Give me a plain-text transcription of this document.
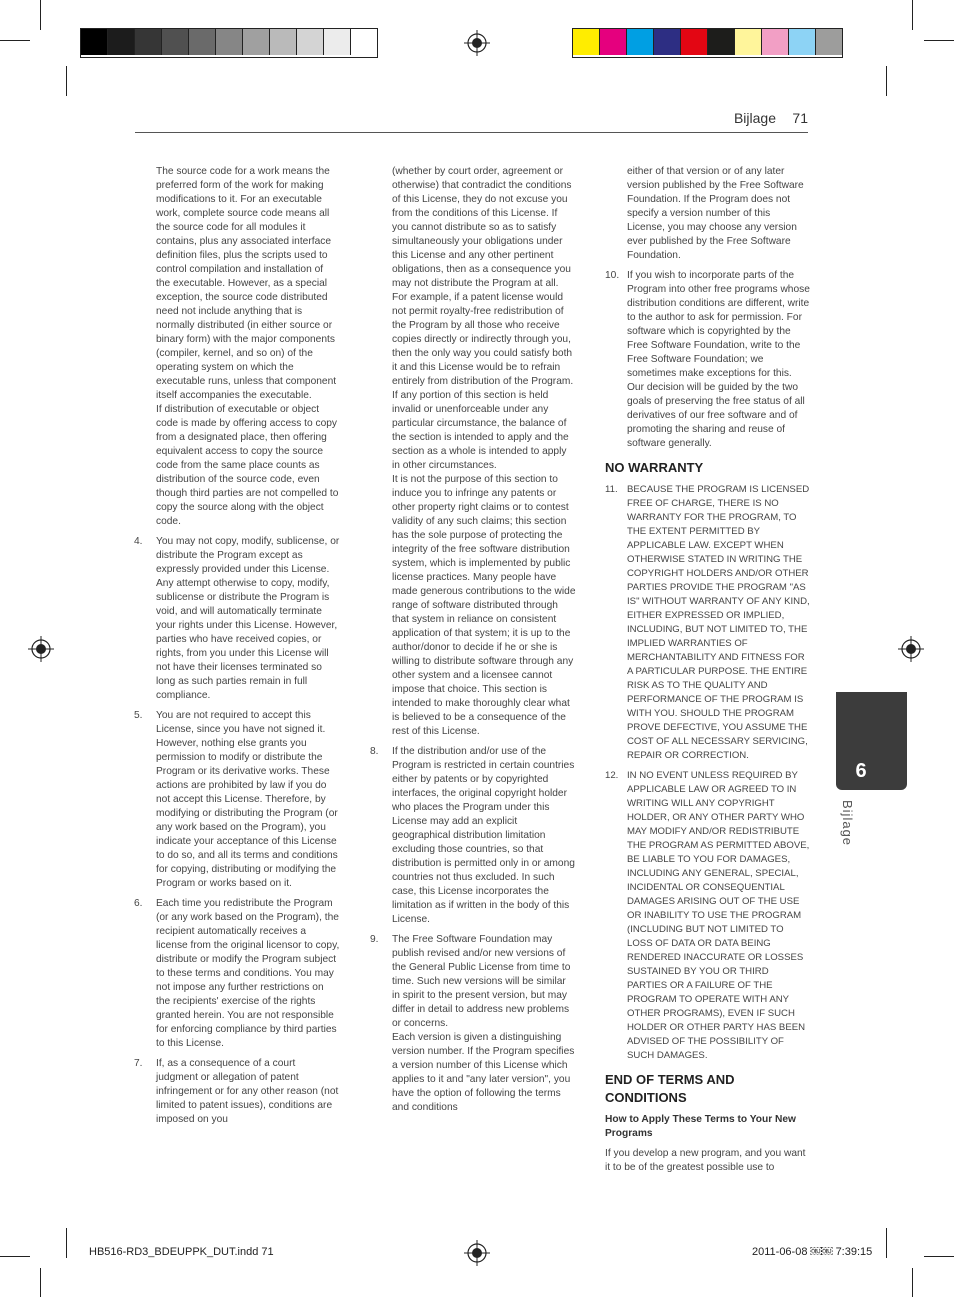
Bijlage 71

The source code for a work means the preferred form of the work for making modifications to it. For an executable work, complete source code means all the source code for all modules it contains, plus any associated interface definition files, plus the scripts used to control compilation and installation of the executable. However, as a special exception, the source code distributed need not include anything that is normally distributed (in either source or binary form) with the major components (compiler, kernel, and so on) of the operating system on which the executable runs, unless that component itself accompanies the executable.

If distribution of executable or object code is made by offering access to copy from a designated place, then offering equivalent access to copy the source code from the same place counts as distribution of the source code, even though third parties are not compelled to copy the source along with the object code.

4.	You may not copy, modify, sublicense, or distribute the Program except as expressly provided under this License. Any attempt otherwise to copy, modify, sublicense or distribute the Program is void, and will automatically terminate your rights under this License. However, parties who have received copies, or rights, from you under this License will not have their licenses terminated so long as such parties remain in full compliance.
5.	You are not required to accept this License, since you have not signed it. However, nothing else grants you permission to modify or distribute the Program or its derivative works. These actions are prohibited by law if you do not accept this License. Therefore, by modifying or distributing the Program (or any work based on the Program), you indicate your acceptance of this License to do so, and all its terms and conditions for copying, distributing or modifying the Program or works based on it.
6.	Each time you redistribute the Program (or any work based on the Program), the recipient automatically receives a license from the original licensor to copy, distribute or modify the Program subject to these terms and conditions. You may not impose any further restrictions on the recipients' exercise of the rights granted herein. You are not responsible for enforcing compliance by third parties to this License.
7.	If, as a consequence of a court judgment or allegation of patent infringement or for any other reason (not limited to patent issues), conditions are imposed on you

(whether by court order, agreement or otherwise) that contradict the conditions of this License, they do not excuse you from the conditions of this License. If you cannot distribute so as to satisfy simultaneously your obligations under this License and any other pertinent obligations, then as a consequence you may not distribute the Program at all. For example, if a patent license would not permit royalty-free redistribution of the Program by all those who receive copies directly or indirectly through you, then the only way you could satisfy both it and this License would be to refrain entirely from distribution of the Program.

If any portion of this section is held invalid or unenforceable under any particular circumstance, the balance of the section is intended to apply and the section as a whole is intended to apply in other circumstances.

It is not the purpose of this section to induce you to infringe any patents or other property right claims or to contest validity of any such claims; this section has the sole purpose of protecting the integrity of the free software distribution system, which is implemented by public license practices. Many people have made generous contributions to the wide range of software distributed through that system in reliance on consistent application of that system; it is up to the author/donor to decide if he or she is willing to distribute software through any other system and a licensee cannot impose that choice. This section is intended to make thoroughly clear what is believed to be a consequence of the rest of this License.

8.	If the distribution and/or use of the Program is restricted in certain countries either by patents or by copyrighted interfaces, the original copyright holder who places the Program under this License may add an explicit geographical distribution limitation excluding those countries, so that distribution is permitted only in or among countries not thus excluded. In such case, this License incorporates the limitation as if written in the body of this License.
9.	The Free Software Foundation may publish revised and/or new versions of the General Public License from time to time. Such new versions will be similar in spirit to the present version, but may differ in detail to address new problems or concerns.

Each version is given a distinguishing version number. If the Program specifies a version number of this License which applies to it and "any later version", you have the option of following the terms and conditions

either of that version or of any later version published by the Free Software Foundation. If the Program does not specify a version number of this License, you may choose any version ever published by the Free Software Foundation.

10. If you wish to incorporate parts of the Program into other free programs whose distribution conditions are different, write to the author to ask for permission. For software which is copyrighted by the Free Software Foundation, write to the Free Software Foundation; we sometimes make exceptions for this. Our decision will be guided by the two goals of preserving the free status of all derivatives of our free software and of promoting the sharing and reuse of software generally.
NO WARRANTY
11. BECAUSE THE PROGRAM IS LICENSED FREE OF CHARGE, THERE IS NO WARRANTY FOR THE PROGRAM, TO THE EXTENT PERMITTED BY APPLICABLE LAW. EXCEPT WHEN OTHERWISE STATED IN WRITING THE COPYRIGHT HOLDERS AND/OR OTHER PARTIES PROVIDE THE PROGRAM "AS IS" WITHOUT WARRANTY OF ANY KIND, EITHER EXPRESSED OR IMPLIED, INCLUDING, BUT NOT LIMITED TO, THE IMPLIED WARRANTIES OF MERCHANTABILITY AND FITNESS FOR A PARTICULAR PURPOSE. THE ENTIRE RISK AS TO THE QUALITY AND PERFORMANCE OF THE PROGRAM IS WITH YOU. SHOULD THE PROGRAM PROVE DEFECTIVE, YOU ASSUME THE COST OF ALL NECESSARY SERVICING, REPAIR OR CORRECTION.
12. IN NO EVENT UNLESS REQUIRED BY APPLICABLE LAW OR AGREED TO IN WRITING WILL ANY COPYRIGHT HOLDER, OR ANY OTHER PARTY WHO MAY MODIFY AND/OR REDISTRIBUTE THE PROGRAM AS PERMITTED ABOVE, BE LIABLE TO YOU FOR DAMAGES, INCLUDING ANY GENERAL, SPECIAL, INCIDENTAL OR CONSEQUENTIAL DAMAGES ARISING OUT OF THE USE OR INABILITY TO USE THE PROGRAM (INCLUDING BUT NOT LIMITED TO LOSS OF DATA OR DATA BEING RENDERED INACCURATE OR LOSSES SUSTAINED BY YOU OR THIRD PARTIES OR A FAILURE OF THE PROGRAM TO OPERATE WITH ANY OTHER PROGRAMS), EVEN IF SUCH HOLDER OR OTHER PARTY HAS BEEN ADVISED OF THE POSSIBILITY OF SUCH DAMAGES.
END OF TERMS AND CONDITIONS
How to Apply These Terms to Your New Programs

If you develop a new program, and you want it to be of the greatest possible use to

6
Bijlage
HB516-RD3_BDEUPPK_DUT.indd 71	2011-06-08 ￼￼ 7:39:15
